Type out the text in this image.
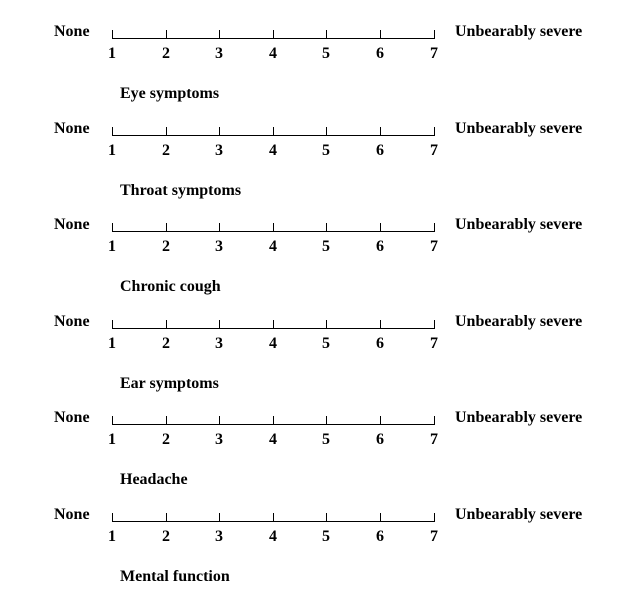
None	Unbearably severe
Eye symptoms
1	2	3	4	5	6	7
None	Unbearably severe
Throat symptoms
1	2	3	4	5	6	7
None	Unbearably severe
Chronic cough
1	2	3	4	5	6	7
None	Unbearably severe
Ear symptoms
1	2	3	4	5	6	7
None	Unbearably severe
Headache
1	2	3	4	5	6	7
None	Unbearably severe
Mental function
1	2	3	4	5	6	7
